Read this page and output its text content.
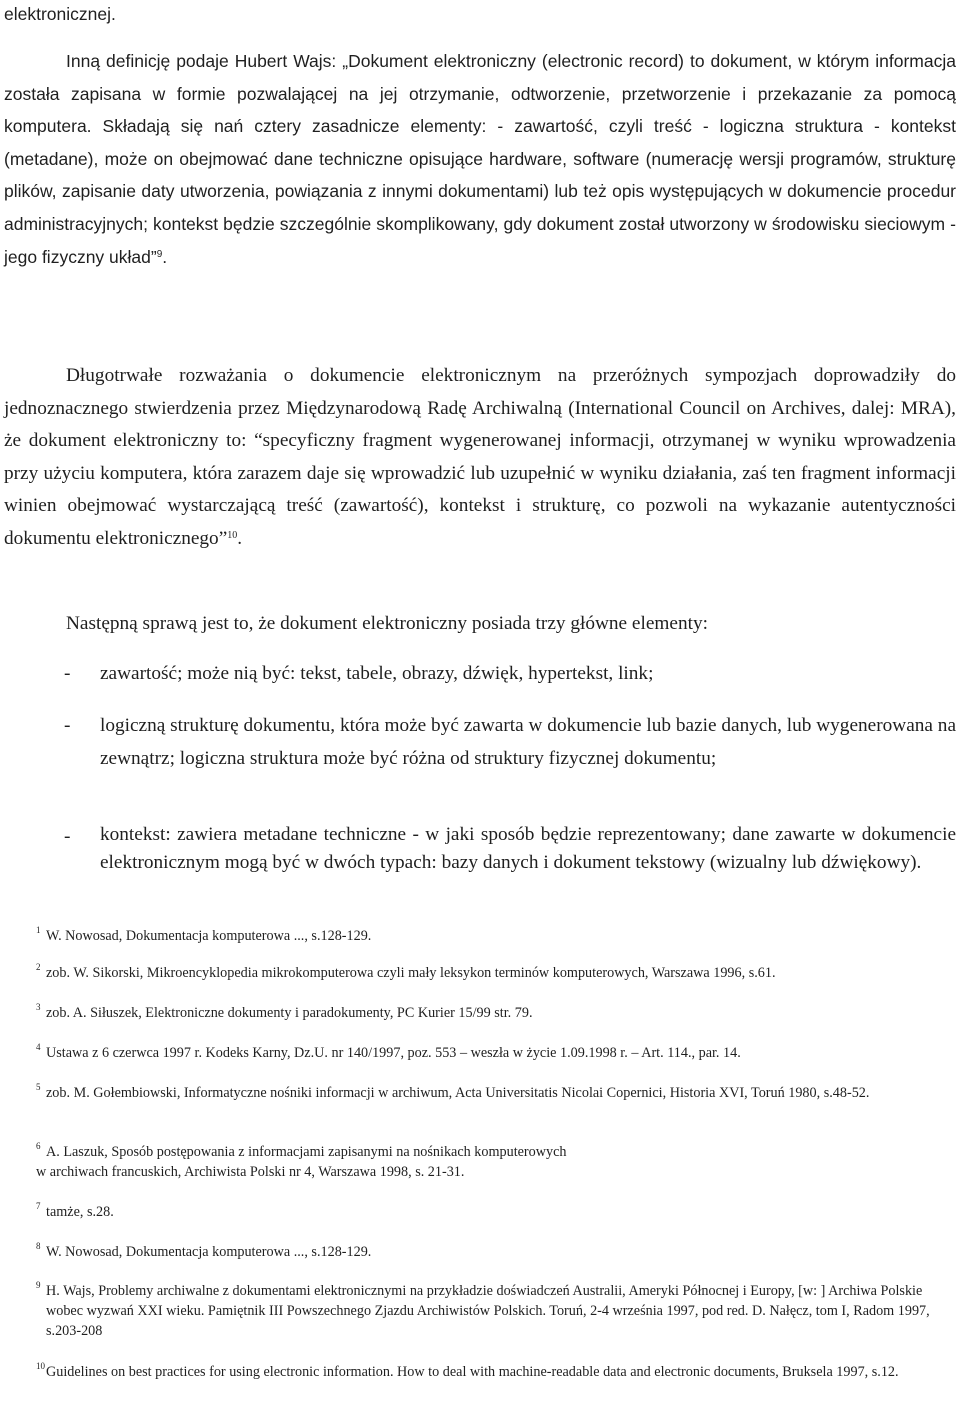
elektronicznej.
Inną definicję podaje Hubert Wajs: „Dokument elektroniczny (electronic record) to dokument, w którym informacja została zapisana w formie pozwalającej na jej otrzymanie, odtworzenie, przetworzenie i przekazanie za pomocą komputera. Składają się nań cztery zasadnicze elementy: - zawartość, czyli treść - logiczna struktura - kontekst (metadane), może on obejmować dane techniczne opisujące hardware, software (numerację wersji programów, strukturę plików, zapisanie daty utworzenia, powiązania z innymi dokumentami) lub też opis występujących w dokumencie procedur administracyjnych; kontekst będzie szczególnie skomplikowany, gdy dokument został utworzony w środowisku sieciowym - jego fizyczny układ”$^9$.
Długotrwałe rozważania o dokumencie elektronicznym na przeróżnych sympozjach doprowadziły do jednoznacznego stwierdzenia przez Międzynarodową Radę Archiwalną (International Council on Archives, dalej: MRA), że dokument elektroniczny to: “specyficzny fragment wygenerowanej informacji, otrzymanej w wyniku wprowadzenia przy użyciu komputera, która zarazem daje się wprowadzić lub uzupełnić w wyniku działania, zaś ten fragment informacji winien obejmować wystarczającą treść (zawartość), kontekst i strukturę, co pozwoli na wykazanie autentyczności dokumentu elektronicznego”$^{10}$.
Następną sprawą jest to, że dokument elektroniczny posiada trzy główne elementy:
- zawartość; może nią być: tekst, tabele, obrazy, dźwięk, hypertekst, link;
- logiczną strukturę dokumentu, która może być zawarta w dokumencie lub bazie danych, lub wygenerowana na zewnątrz; logiczna struktura może być różna od struktury fizycznej dokumentu;
- kontekst: zawiera metadane techniczne - w jaki sposób będzie reprezentowany; dane zawarte w dokumencie elektronicznym mogą być w dwóch typach: bazy danych i dokument tekstowy (wizualny lub dźwiękowy).
1 W. Nowosad, Dokumentacja komputerowa ..., s.128-129.
2 zob. W. Sikorski, Mikroencyklopedia mikrokomputerowa czyli mały leksykon terminów komputerowych, Warszawa 1996, s.61.
3 zob. A. Siłuszek, Elektroniczne dokumenty i paradokumenty, PC Kurier 15/99 str. 79.
4 Ustawa z 6 czerwca 1997 r. Kodeks Karny, Dz.U. nr 140/1997, poz. 553 – weszła w życie 1.09.1998 r. – Art. 114., par. 14.
5 zob. M. Gołembiowski, Informatyczne nośniki informacji w archiwum, Acta Universitatis Nicolai Copernici, Historia XVI, Toruń 1980, s.48-52.
6 A. Laszuk, Sposób postępowania z informacjami zapisanymi na nośnikach komputerowych
w archiwach francuskich, Archiwista Polski nr 4, Warszawa 1998, s. 21-31.
7 tamże, s.28.
8 W. Nowosad, Dokumentacja komputerowa ..., s.128-129.
9 H. Wajs, Problemy archiwalne z dokumentami elektronicznymi na przykładzie doświadczeń Australii, Ameryki Północnej i Europy, [w: ] Archiwa Polskie wobec wyzwań XXI wieku. Pamiętnik III Powszechnego Zjazdu Archiwistów Polskich. Toruń, 2-4 września 1997, pod red. D. Nałęcz, tom I, Radom 1997, s.203-208
10 Guidelines on best practices for using electronic information. How to deal with machine-readable data and electronic documents, Bruksela 1997, s.12.
